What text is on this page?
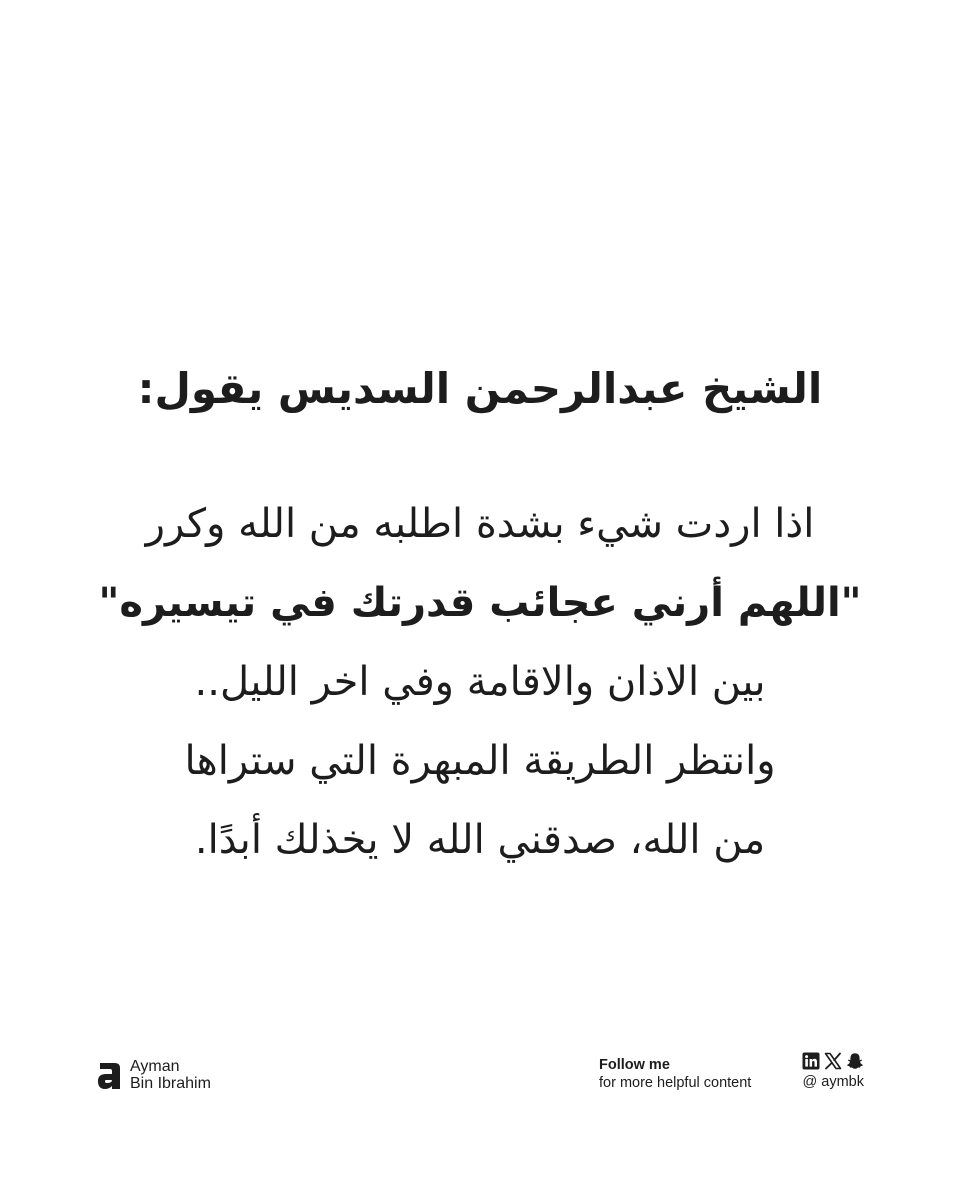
الشيخ عبدالرحمن السديس يقول:
اذا اردت شيء بشدة اطلبه من الله وكرر
"اللهم أرني عجائب قدرتك في تيسيره"
بين الاذان والاقامة وفي اخر الليل..
وانتظر الطريقة المبهرة التي ستراها
من الله، صدقني الله لا يخذلك أبدًا.
Ayman
Bin Ibrahim
Follow me
for more helpful content	@ aymbk
